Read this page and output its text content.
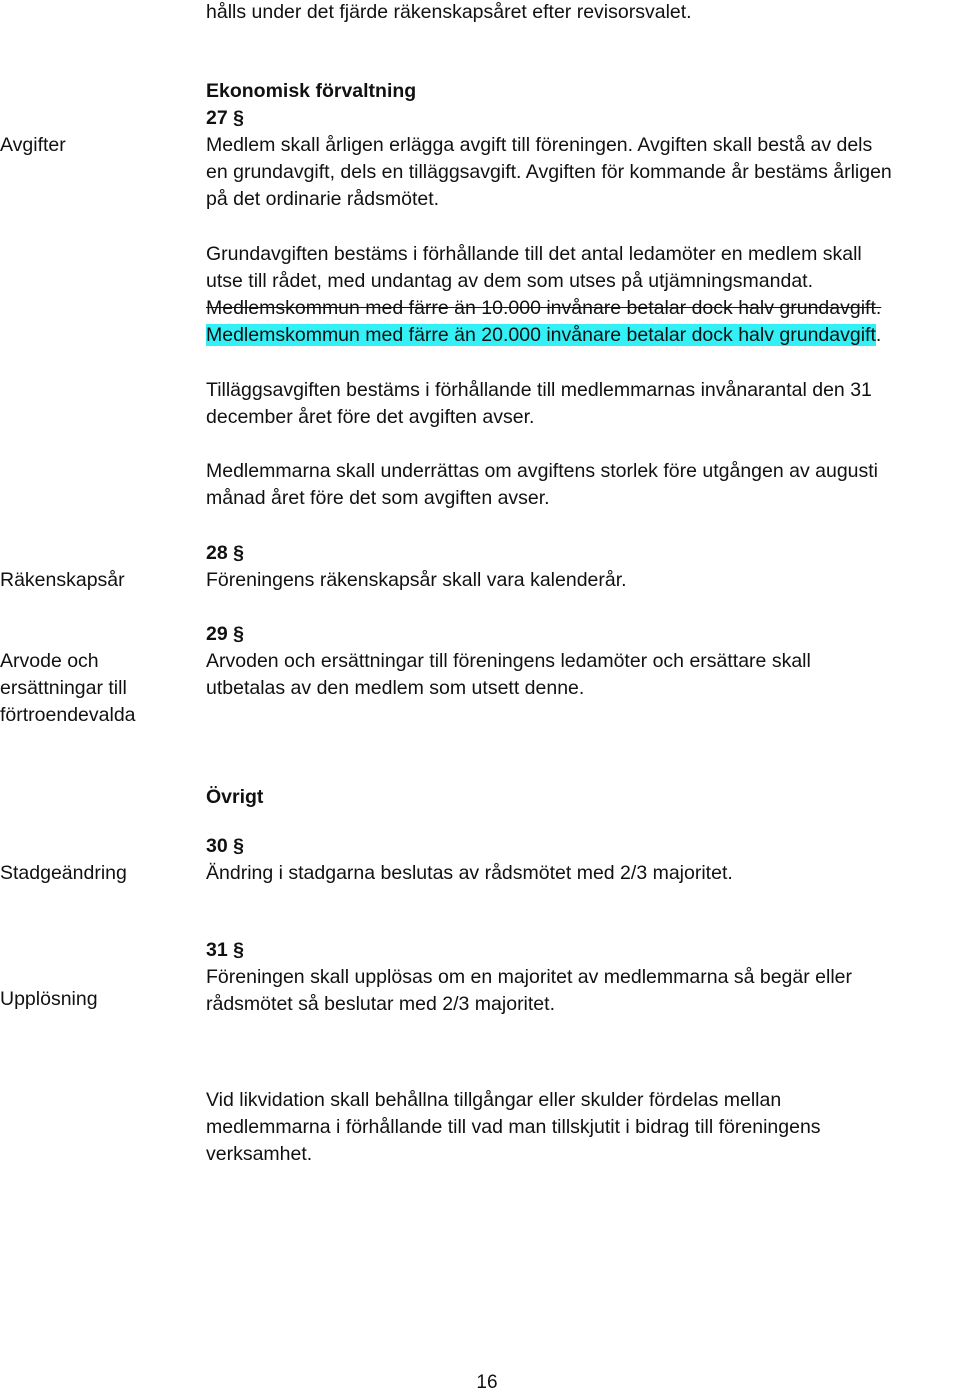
hålls under det fjärde räkenskapsåret efter revisorsvalet.
Ekonomisk förvaltning
Avgifter
27 §
Medlem skall årligen erlägga avgift till föreningen. Avgiften skall bestå av dels
en grundavgift, dels en tilläggsavgift. Avgiften för kommande år bestäms årligen
på det ordinarie rådsmötet.
Grundavgiften bestäms i förhållande till det antal ledamöter en medlem skall
utse till rådet, med undantag av dem som utses på utjämningsmandat.
Medlemskommun med färre än 10.000 invånare betalar dock halv grundavgift.
Medlemskommun med färre än 20.000 invånare betalar dock halv grundavgift.
Tilläggsavgiften bestäms i förhållande till medlemmarnas invånarantal den 31
december året före det avgiften avser.
Medlemmarna skall underrättas om avgiftens storlek före utgången av augusti
månad året före det som avgiften avser.
Räkenskapsår
28 §
Föreningens räkenskapsår skall vara kalenderår.
Arvode och
ersättningar till
förtroendevalda
29 §
Arvoden och ersättningar till föreningens ledamöter och ersättare skall
utbetalas av den medlem som utsett denne.
Övrigt
Stadgeändring
30 §
Ändring i stadgarna beslutas av rådsmötet med 2/3 majoritet.
Upplösning
31 §
Föreningen skall upplösas om en majoritet av medlemmarna så begär eller
rådsmötet så beslutar med 2/3 majoritet.
Vid likvidation skall behållna tillgångar eller skulder fördelas mellan
medlemmarna i förhållande till vad man tillskjutit i bidrag till föreningens
verksamhet.
16
